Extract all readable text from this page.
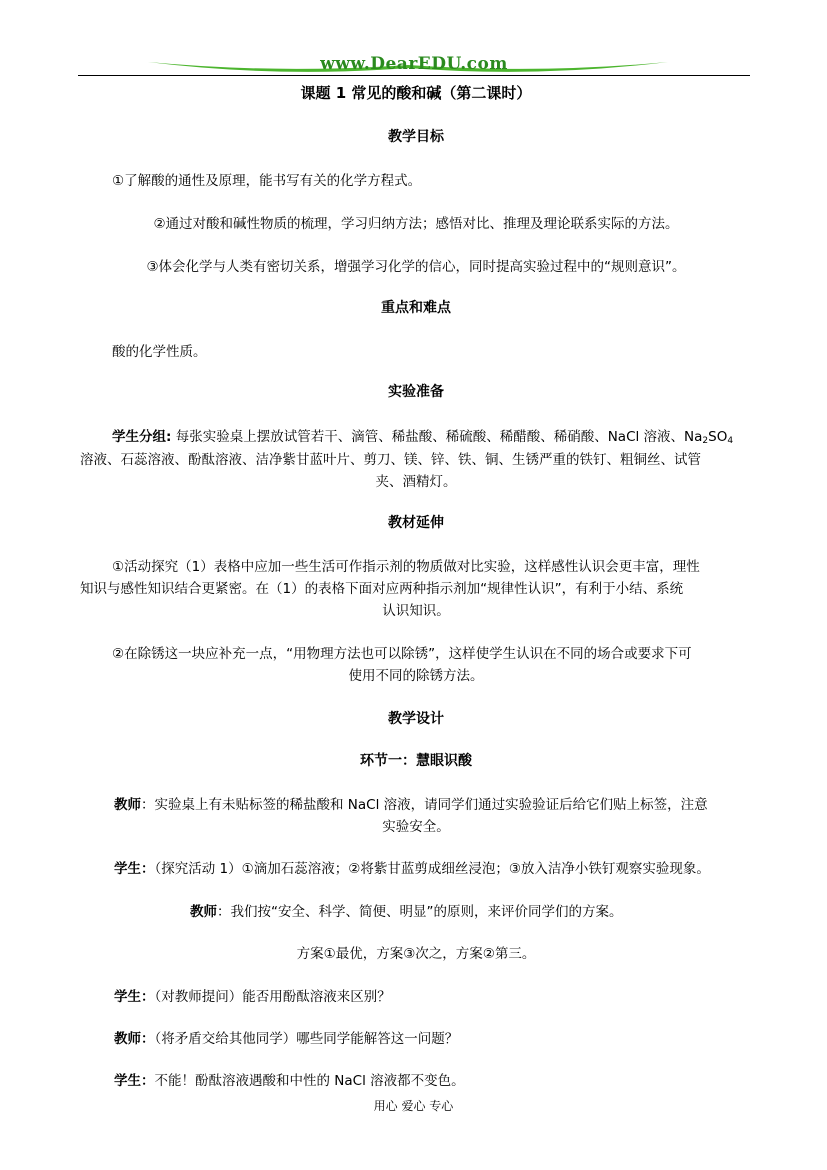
www.DearEDU.com
课题 1 常见的酸和碱（第二课时）
教学目标
①了解酸的通性及原理，能书写有关的化学方程式。
②通过对酸和碱性物质的梳理，学习归纳方法；感悟对比、推理及理论联系实际的方法。
③体会化学与人类有密切关系，增强学习化学的信心，同时提高实验过程中的“规则意识”。
重点和难点
酸的化学性质。
实验准备
学生分组: 每张实验桌上摆放试管若干、滴管、稀盐酸、稀硫酸、稀醋酸、稀硝酸、NaCl 溶液、$Na_2SO_4$
溶液、石蕊溶液、酚酞溶液、洁净紫甘蓝叶片、剪刀、镁、锌、铁、铜、生锈严重的铁钉、粗铜丝、试管
夹、酒精灯。
教材延伸
①活动探究（1）表格中应加一些生活可作指示剂的物质做对比实验，这样感性认识会更丰富，理性
知识与感性知识结合更紧密。在（1）的表格下面对应两种指示剂加“规律性认识”，有利于小结、系统
认识知识。
②在除锈这一块应补充一点，“用物理方法也可以除锈”，这样使学生认识在不同的场合或要求下可
使用不同的除锈方法。
教学设计
环节一：慧眼识酸
教师：实验桌上有未贴标签的稀盐酸和 NaCl 溶液，请同学们通过实验验证后给它们贴上标签，注意
实验安全。
学生：（探究活动 1）①滴加石蕊溶液；②将紫甘蓝剪成细丝浸泡；③放入洁净小铁钉观察实验现象。
教师：我们按“安全、科学、简便、明显”的原则，来评价同学们的方案。
方案①最优，方案③次之，方案②第三。
学生：（对教师提问）能否用酚酞溶液来区别？
教师：（将矛盾交给其他同学）哪些同学能解答这一问题？
学生：不能！酚酞溶液遇酸和中性的 NaCl 溶液都不变色。
用心 爱心 专心
